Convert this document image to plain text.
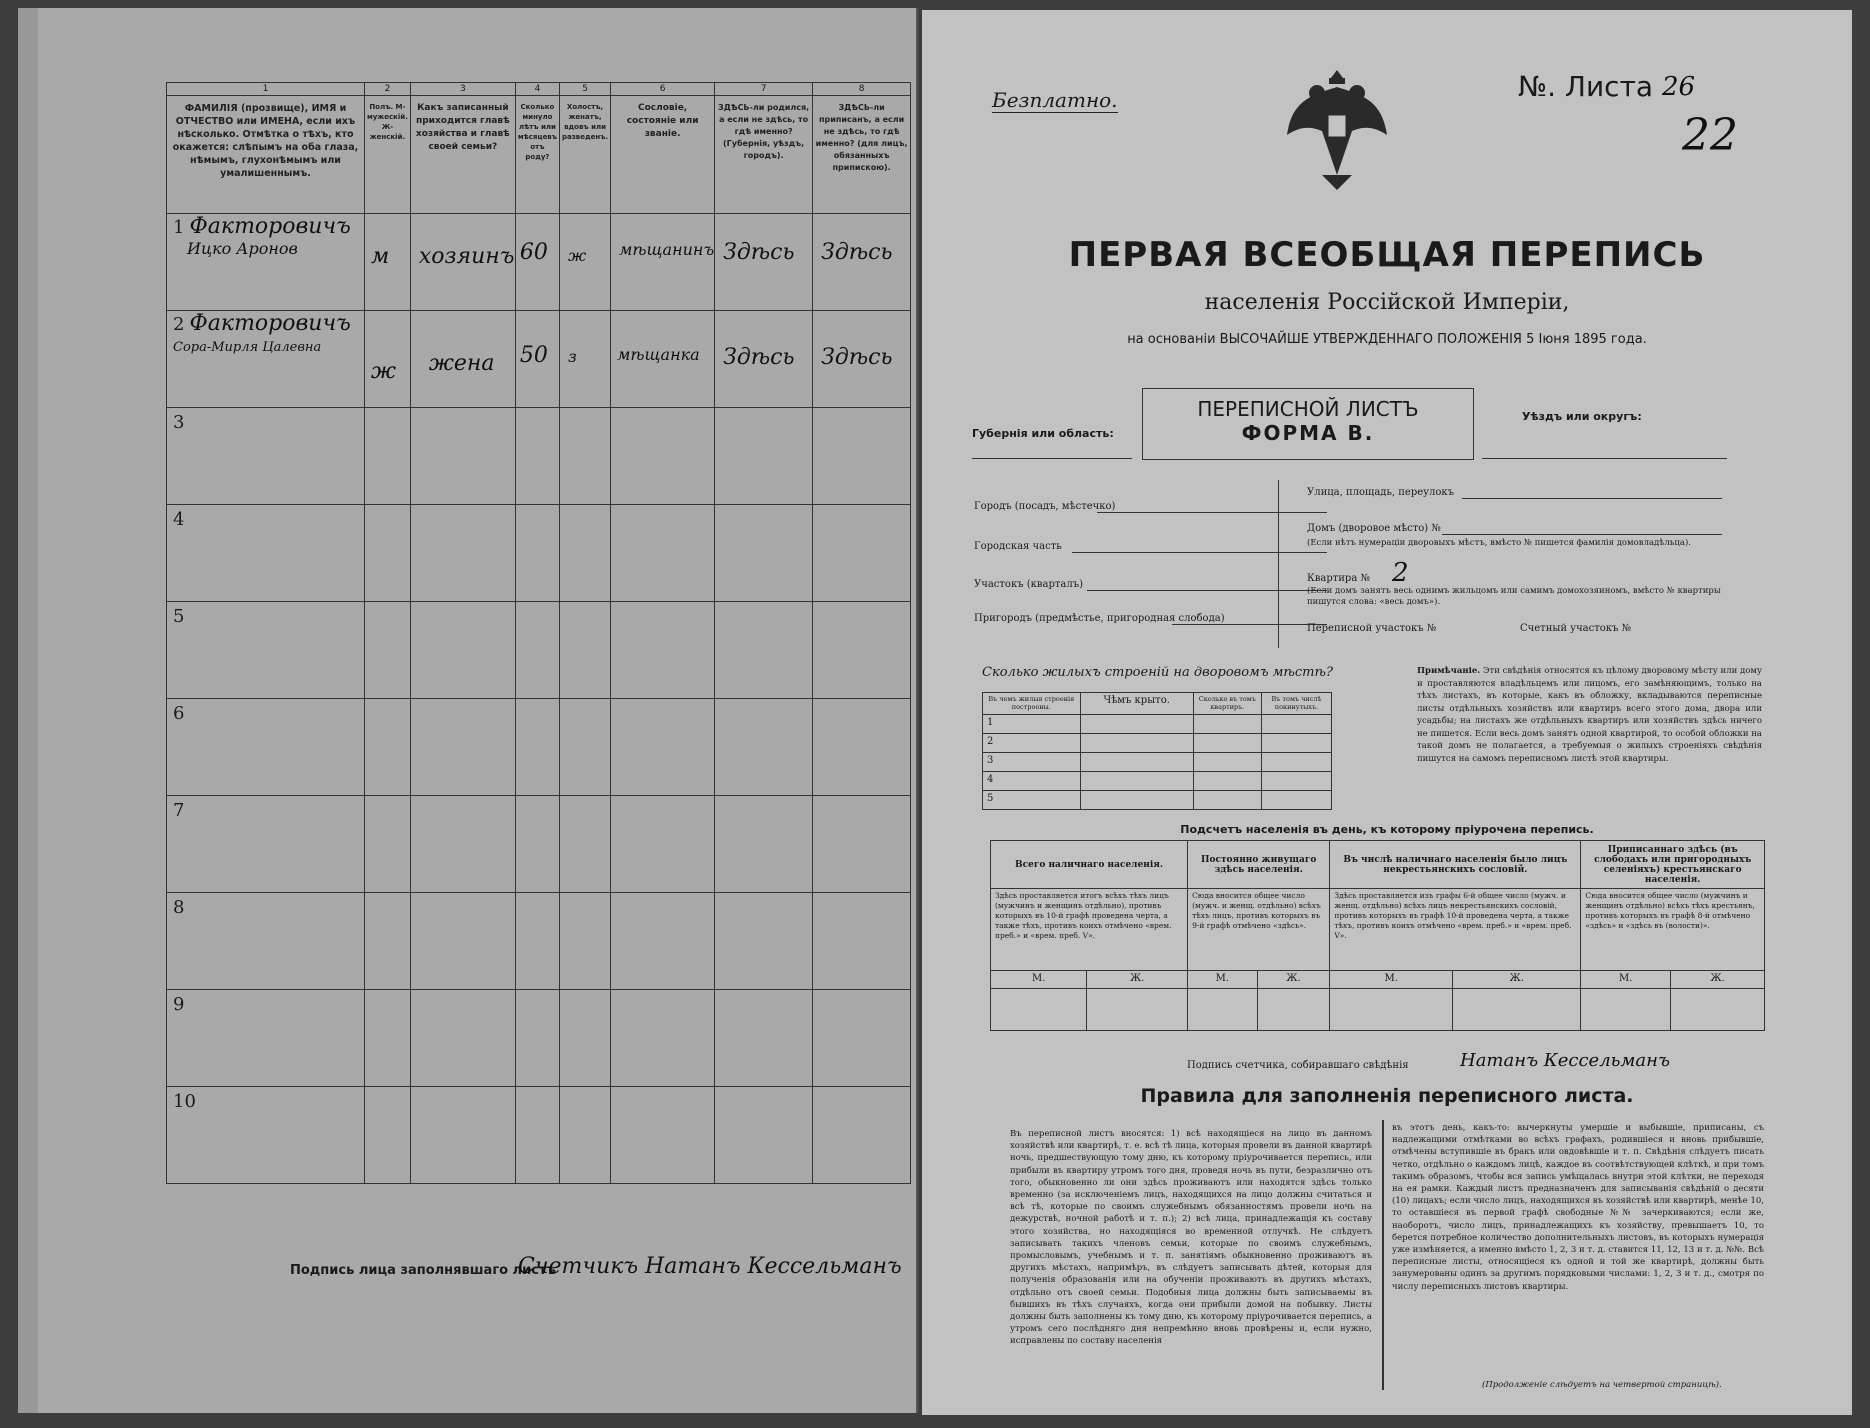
1	2	3	4	5	6	7	8
ФАМИЛІЯ (прозвище), ИМЯ и ОТЧЕСТВО или ИМЕНА, если ихъ нѣсколько. Отмѣтка о тѣхъ, кто окажется: слѣпымъ на оба глаза, нѣмымъ, глухонѣмымъ или умалишеннымъ.	Полъ. М-мужескій. Ж-женскій.	Какъ записанный приходится главѣ хозяйства и главѣ своей семьи?	Сколько минуло лѣтъ или мѣсяцевъ отъ роду?	Холостъ, женатъ, вдовъ или разведенъ.	Сословіе, состояніе или званіе.	ЗДѢСЬ-ли родился, а если не здѣсь, то гдѣ именно? (Губернія, уѣздъ, городъ).	ЗДѢСЬ-ли приписанъ, а если не здѣсь, то гдѣ именно? (для лицъ, обязанныхъ припискою).
1 Факторовичъ
Ицко Аронов	м	хозяинъ	60	ж	мѣщанинъ	Здѣсь	Здѣсь

2 Факторовичъ
Сора-Мирля Цалевна	ж	жена	50	з	мѣщанка	Здѣсь	Здѣсь

3							

4							

5							

6							

7							

8							

9							

10							

Подпись лица заполнявшаго листъ
Счетчикъ Натанъ Кессельманъ
Безплатно.	№. Листа 26
22
ПЕРВАЯ ВСЕОБЩАЯ ПЕРЕПИСЬ
населенія Россійской Имперіи,
на основаніи ВЫСОЧАЙШЕ УТВЕРЖДЕННАГО ПОЛОЖЕНІЯ 5 Іюня 1895 года.
Губернія или область:
ПЕРЕПИСНОЙ ЛИСТЪ
ФОРМА В.
Уѣздъ или округъ:
Городъ (посадъ, мѣстечко)
Городская часть
Участокъ (кварталъ)
Пригородъ (предмѣстье, пригородная слобода)
Улица, площадь, переулокъ
Домъ (дворовое мѣсто) №
(Если нѣтъ нумераціи дворовыхъ мѣстъ, вмѣсто № пишется фамилія домовладѣльца).
Квартира № 2
(Если домъ занятъ весь однимъ жильцомъ или самимъ домохозяиномъ, вмѣсто № квартиры пишутся слова: «весь домъ»).
Переписной участокъ №	Счетный участокъ №
Сколько жилыхъ строеній на дворовомъ мѣстѣ?
Въ чемъ жилыя строенія построены.	Чѣмъ крыто.	Сколько въ томъ квартиръ.	Въ томъ числѣ покинутыхъ.
1			
2			
3			
4			
5			
Примѣчаніе. Эти свѣдѣнія относятся къ цѣлому дворовому мѣсту или дому и проставляются владѣльцемъ или лицомъ, его замѣняющимъ, только на тѣхъ листахъ, въ которые, какъ въ обложку, вкладываются переписные листы отдѣльныхъ хозяйствъ или квартиръ всего этого дома, двора или усадьбы; на листахъ же отдѣльныхъ квартиръ или хозяйствъ здѣсь ничего не пишется. Если весь домъ занятъ одной квартирой, то особой обложки на такой домъ не полагается, а требуемыя о жилыхъ строеніяхъ свѣдѣнія пишутся на самомъ переписномъ листѣ этой квартиры.
Подсчетъ населенія въ день, къ которому пріурочена перепись.
Всего наличнаго населенія.		Постоянно живущаго здѣсь населенія.		Въ числѣ наличнаго населенія было лицъ некрестьянскихъ сословій.		Приписаннаго здѣсь (въ слободахъ или пригородныхъ селеніяхъ) крестьянскаго населенія.	
Здѣсь проставляется итогъ всѣхъ тѣхъ лицъ (мужчинъ и женщинъ отдѣльно), противъ которыхъ въ 10-й графѣ проведена черта, а также тѣхъ, противъ коихъ отмѣчено «врем. преб.» и «врем. преб. V».		Сюда вносится общее число (мужч. и женщ. отдѣльно) всѣхъ тѣхъ лицъ, противъ которыхъ въ 9-й графѣ отмѣчено «здѣсь».		Здѣсь проставляется изъ графы 6-й общее число (мужч. и женщ. отдѣльно) всѣхъ лицъ некрестьянскихъ сословій, противъ которыхъ въ графѣ 10-й проведена черта, а также тѣхъ, противъ коихъ отмѣчено «врем. преб.» и «врем. преб. V».		Сюда вносится общее число (мужчинъ и женщинъ отдѣльно) всѣхъ тѣхъ крестьянъ, противъ которыхъ въ графѣ 8-й отмѣчено «здѣсь» и «здѣсь въ (волости)».	
М.	Ж.	М.	Ж.	М.	Ж.	М.	Ж.

Подпись счетчика, собиравшаго свѣдѣнія	Натанъ Кессельманъ
Правила для заполненія переписного листа.
Въ переписной листъ вносятся: 1) всѣ находящіеся на лицо въ данномъ хозяйствѣ или квартирѣ, т. е. всѣ тѣ лица, которыя провели въ данной квартирѣ ночь, предшествующую тому дню, къ которому пріурочивается перепись, или прибыли въ квартиру утромъ того дня, проведя ночь въ пути, безразлично отъ того, обыкновенно ли они здѣсь проживаютъ или находятся здѣсь только временно (за исключеніемъ лицъ, находящихся на лицо должны считаться и всѣ тѣ, которые по своимъ служебнымъ обязанностямъ провели ночь на дежурствѣ, ночной работѣ и т. п.); 2) всѣ лица, принадлежащія къ составу этого хозяйства, но находящіяся во временной отлучкѣ. Не слѣдуетъ записывать такихъ членовъ семьи, которые по своимъ служебнымъ, промысловымъ, учебнымъ и т. п. занятіямъ обыкновенно проживаютъ въ другихъ мѣстахъ, напримѣръ, въ слѣдуетъ записывать дѣтей, которыя для полученія образованія или на обученіи проживаютъ въ другихъ мѣстахъ, отдѣльно отъ своей семьи. Подобныя лица должны быть записываемы въ бывшихъ въ тѣхъ случаяхъ, когда они прибыли домой на побывку. Листы должны быть заполнены къ тому дню, къ которому пріурочивается перепись, а утромъ сего послѣдняго дня непремѣнно вновь провѣрены и, если нужно, исправлены по составу населенія
въ этотъ день, какъ-то: вычеркнуты умершіе и выбывшіе, приписаны, съ надлежащими отмѣтками во всѣхъ графахъ, родившіеся и вновь прибывшіе, отмѣчены вступившіе въ бракъ или овдовѣвшіе и т. п. Свѣдѣнія слѣдуетъ писать четко, отдѣльно о каждомъ лицѣ, каждое въ соотвѣтствующей клѣткѣ, и при томъ такимъ образомъ, чтобы вся запись умѣщалась внутри этой клѣтки, не переходя на ея рамки. Каждый листъ предназначенъ для записыванія свѣдѣній о десяти (10) лицахъ; если число лицъ, находящихся въ хозяйствѣ или квартирѣ, менѣе 10, то оставшіеся въ первой графѣ свободные №№ зачеркиваются; если же, наоборотъ, число лицъ, принадлежащихъ къ хозяйству, превышаетъ 10, то берется потребное количество дополнительныхъ листовъ, въ которыхъ нумерація уже измѣняется, а именно вмѣсто 1, 2, 3 и т. д. ставится 11, 12, 13 и т. д. №№. Всѣ переписные листы, относящіеся къ одной и той же квартирѣ, должны быть занумерованы одинъ за другимъ порядковыми числами: 1, 2, 3 и т. д., смотря по числу переписныхъ листовъ квартиры.
(Продолженіе слѣдуетъ на четвертой страницѣ).
